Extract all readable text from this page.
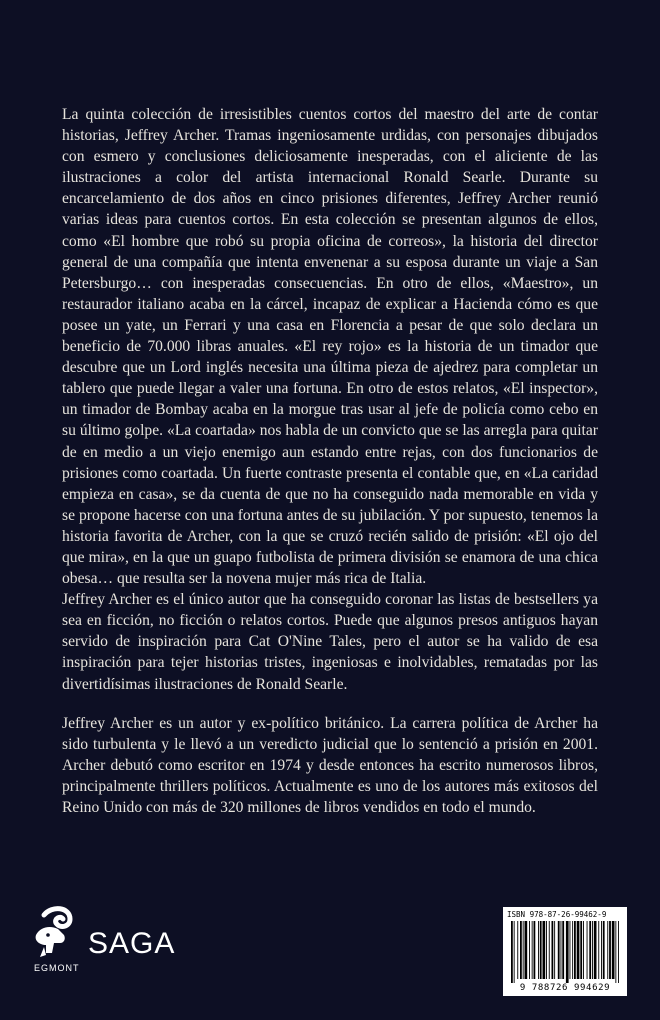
La quinta colección de irresistibles cuentos cortos del maestro del arte de contar historias, Jeffrey Archer. Tramas ingeniosamente urdidas, con personajes dibujados con esmero y conclusiones deliciosamente inesperadas, con el aliciente de las ilustraciones a color del artista internacional Ronald Searle. Durante su encarcelamiento de dos años en cinco prisiones diferentes, Jeffrey Archer reunió varias ideas para cuentos cortos. En esta colección se presentan algunos de ellos, como «El hombre que robó su propia oficina de correos», la historia del director general de una compañía que intenta envenenar a su esposa durante un viaje a San Petersburgo… con inesperadas consecuencias. En otro de ellos, «Maestro», un restaurador italiano acaba en la cárcel, incapaz de explicar a Hacienda cómo es que posee un yate, un Ferrari y una casa en Florencia a pesar de que solo declara un beneficio de 70.000 libras anuales. «El rey rojo» es la historia de un timador que descubre que un Lord inglés necesita una última pieza de ajedrez para completar un tablero que puede llegar a valer una fortuna. En otro de estos relatos, «El inspector», un timador de Bombay acaba en la morgue tras usar al jefe de policía como cebo en su último golpe. «La coartada» nos habla de un convicto que se las arregla para quitar de en medio a un viejo enemigo aun estando entre rejas, con dos funcionarios de prisiones como coartada. Un fuerte contraste presenta el contable que, en «La caridad empieza en casa», se da cuenta de que no ha conseguido nada memorable en vida y se propone hacerse con una fortuna antes de su jubilación. Y por supuesto, tenemos la historia favorita de Archer, con la que se cruzó recién salido de prisión: «El ojo del que mira», en la que un guapo futbolista de primera división se enamora de una chica obesa… que resulta ser la novena mujer más rica de Italia.

Jeffrey Archer es el único autor que ha conseguido coronar las listas de bestsellers ya sea en ficción, no ficción o relatos cortos. Puede que algunos presos antiguos hayan servido de inspiración para Cat O'Nine Tales, pero el autor se ha valido de esa inspiración para tejer historias tristes, ingeniosas e inolvidables, rematadas por las divertidísimas ilustraciones de Ronald Searle.

Jeffrey Archer es un autor y ex-político británico. La carrera política de Archer ha sido turbulenta y le llevó a un veredicto judicial que lo sentenció a prisión en 2001. Archer debutó como escritor en 1974 y desde entonces ha escrito numerosos libros, principalmente thrillers políticos. Actualmente es uno de los autores más exitosos del Reino Unido con más de 320 millones de libros vendidos en todo el mundo.

SAGA
EGMONT
ISBN 978-87-26-99462-9
9 788726 994629
